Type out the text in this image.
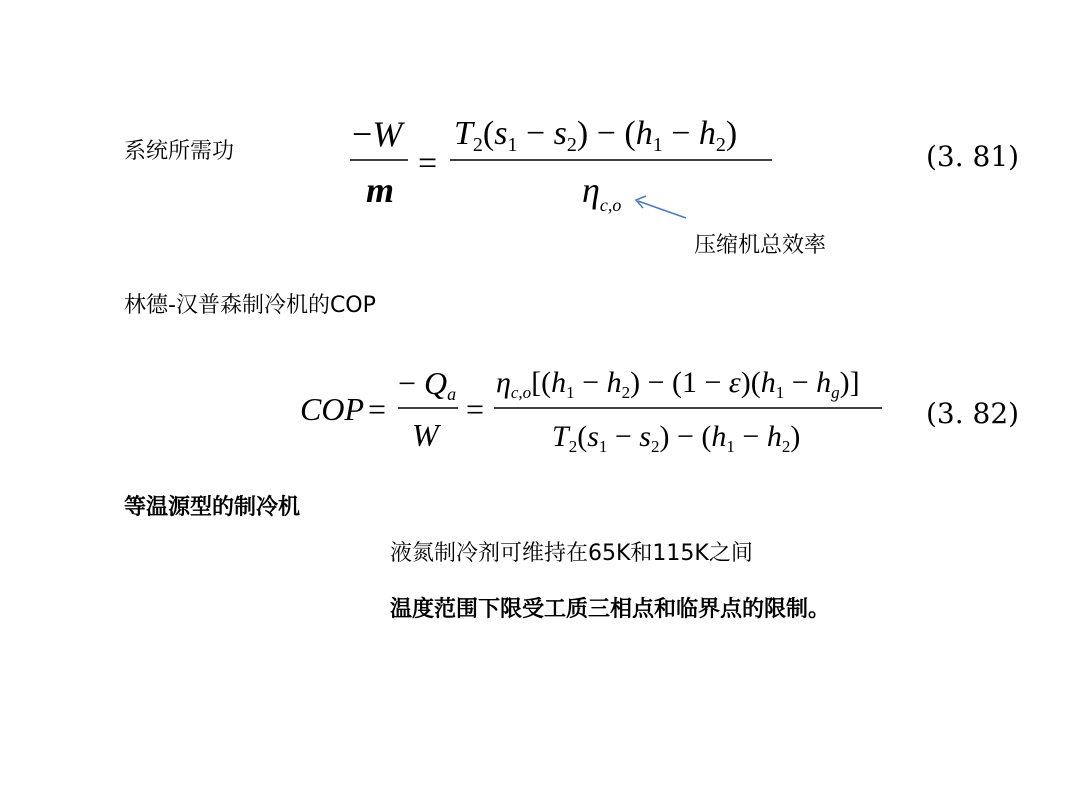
系统所需功
压缩机总效率
林德-汉普森制冷机的COP
等温源型的制冷机
液氮制冷剂可维持在65K和115K之间
温度范围下限受工质三相点和临界点的限制。
(3. 81)
(3. 82)
−W
m
=
$T_2(s_1 - s_2) - (h_1 - h_2)$
$\eta_{c,o}$
COP =
− Qa
W
=
$\eta_{c,o}[(h_1 - h_2) - (1 - \varepsilon)(h_1 - h_g)]$
$T_2(s_1 - s_2) - (h_1 - h_2)$
